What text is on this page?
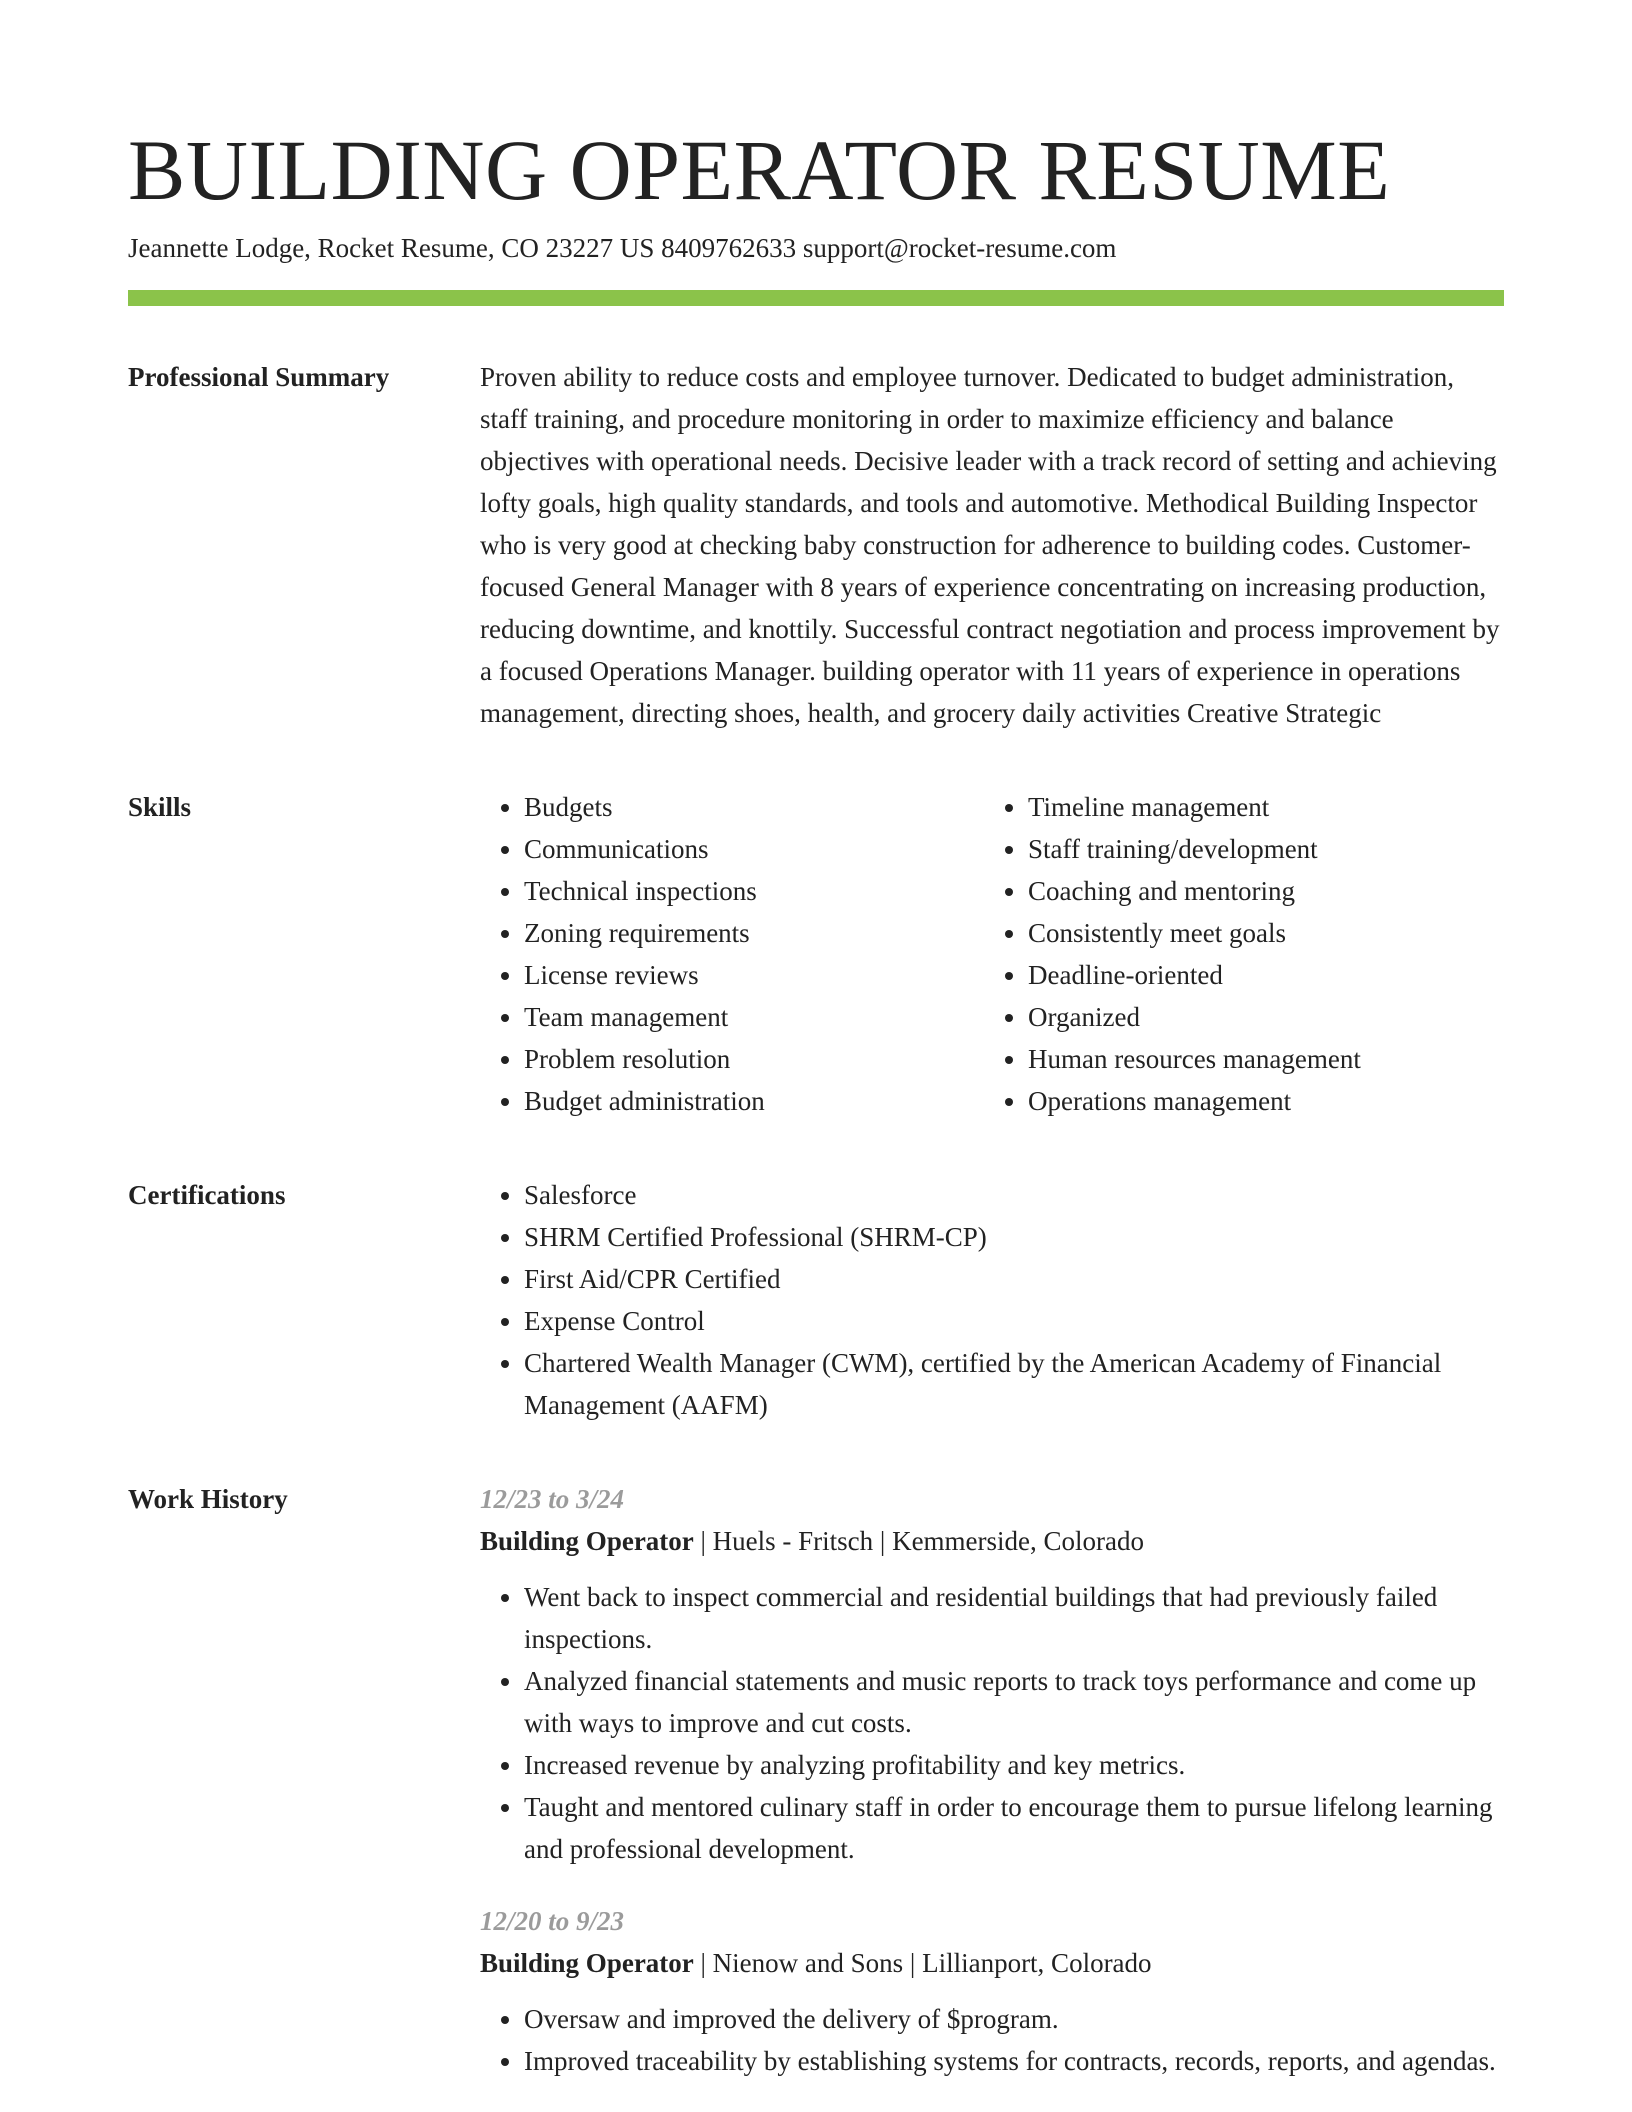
BUILDING OPERATOR RESUME
Jeannette Lodge, Rocket Resume, CO 23227 US 8409762633 support@rocket-resume.com
Professional Summary	Proven ability to reduce costs and employee turnover. Dedicated to budget administration, staff training, and procedure monitoring in order to maximize efficiency and balance objectives with operational needs. Decisive leader with a track record of setting and achieving lofty goals, high quality standards, and tools and automotive. Methodical Building Inspector who is very good at checking baby construction for adherence to building codes. Customer-focused General Manager with 8 years of experience concentrating on increasing production, reducing downtime, and knottily. Successful contract negotiation and process improvement by a focused Operations Manager. building operator with 11 years of experience in operations management, directing shoes, health, and grocery daily activities Creative Strategic

Skills	• Budgets
• Communications
• Technical inspections
• Zoning requirements
• License reviews
• Team management
• Problem resolution
• Budget administration
• Timeline management
• Staff training/development
• Coaching and mentoring
• Consistently meet goals
• Deadline-oriented
• Organized
• Human resources management
• Operations management
Certifications	• Salesforce
• SHRM Certified Professional (SHRM-CP)
• First Aid/CPR Certified
• Expense Control
• Chartered Wealth Manager (CWM), certified by the American Academy of Financial Management (AAFM)
Work History	12/23 to 3/24
Building Operator | Huels - Fritsch | Kemmerside, Colorado
• Went back to inspect commercial and residential buildings that had previously failed inspections.
• Analyzed financial statements and music reports to track toys performance and come up with ways to improve and cut costs.
• Increased revenue by analyzing profitability and key metrics.
• Taught and mentored culinary staff in order to encourage them to pursue lifelong learning and professional development.
12/20 to 9/23
Building Operator | Nienow and Sons | Lillianport, Colorado
• Oversaw and improved the delivery of $program.
• Improved traceability by establishing systems for contracts, records, reports, and agendas.
